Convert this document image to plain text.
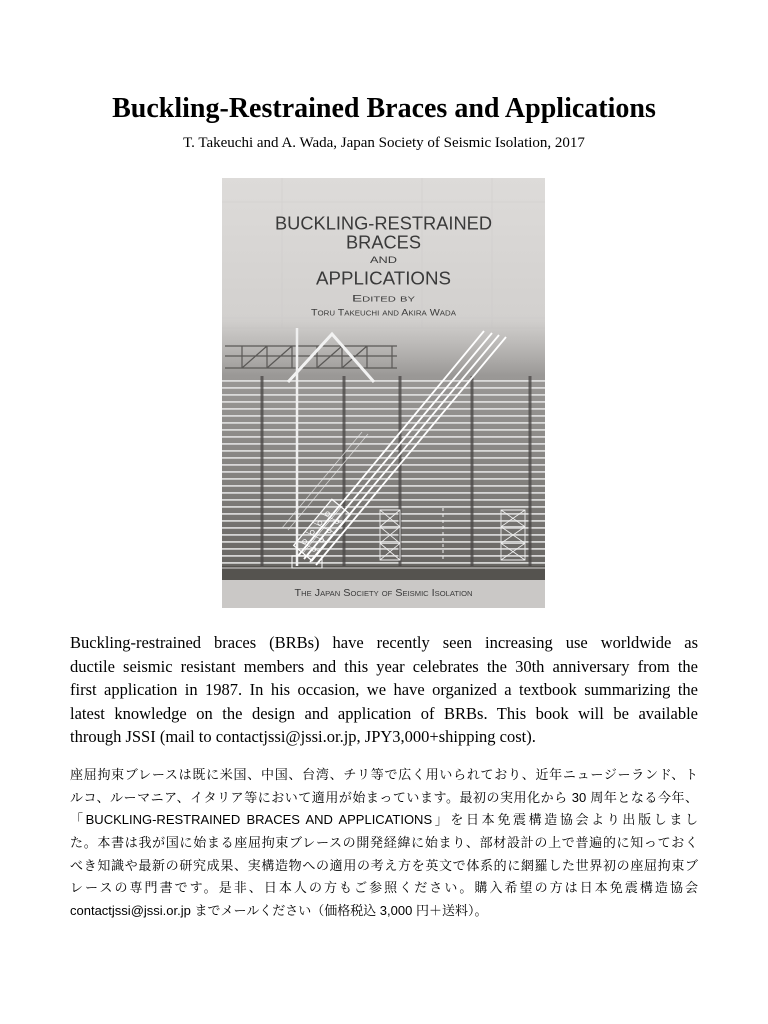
Buckling-Restrained Braces and Applications

T. Takeuchi and A. Wada, Japan Society of Seismic Isolation, 2017

BUCKLING-RESTRAINED
BRACES
AND
APPLICATIONS
Edited by
Toru Takeuchi and Akira Wada
The Japan Society of Seismic Isolation
Buckling-restrained braces (BRBs) have recently seen increasing use worldwide as
ductile seismic resistant members and this year celebrates the 30th anniversary from the
first application in 1987. In his occasion, we have organized a textbook summarizing the
latest knowledge on the design and application of BRBs. This book will be available
through JSSI (mail to contactjssi@jssi.or.jp, JPY3,000+shipping cost).
座屈拘束ブレースは既に米国、中国、台湾、チリ等で広く用いられており、近年ニュージーランド、ト
ルコ、ルーマニア、イタリア等において適用が始まっています。最初の実用化から 30 周年となる今年、
「BUCKLING-RESTRAINED BRACES AND APPLICATIONS」を日本免震構造協会より出版しまし
た。本書は我が国に始まる座屈拘束ブレースの開発経緯に始まり、部材設計の上で普遍的に知っておく
べき知識や最新の研究成果、実構造物への適用の考え方を英文で体系的に網羅した世界初の座屈拘束ブ
レースの専門書です。是非、日本人の方もご参照ください。購入希望の方は日本免震構造協会
contactjssi@jssi.or.jp までメールください（価格税込 3,000 円＋送料）。
